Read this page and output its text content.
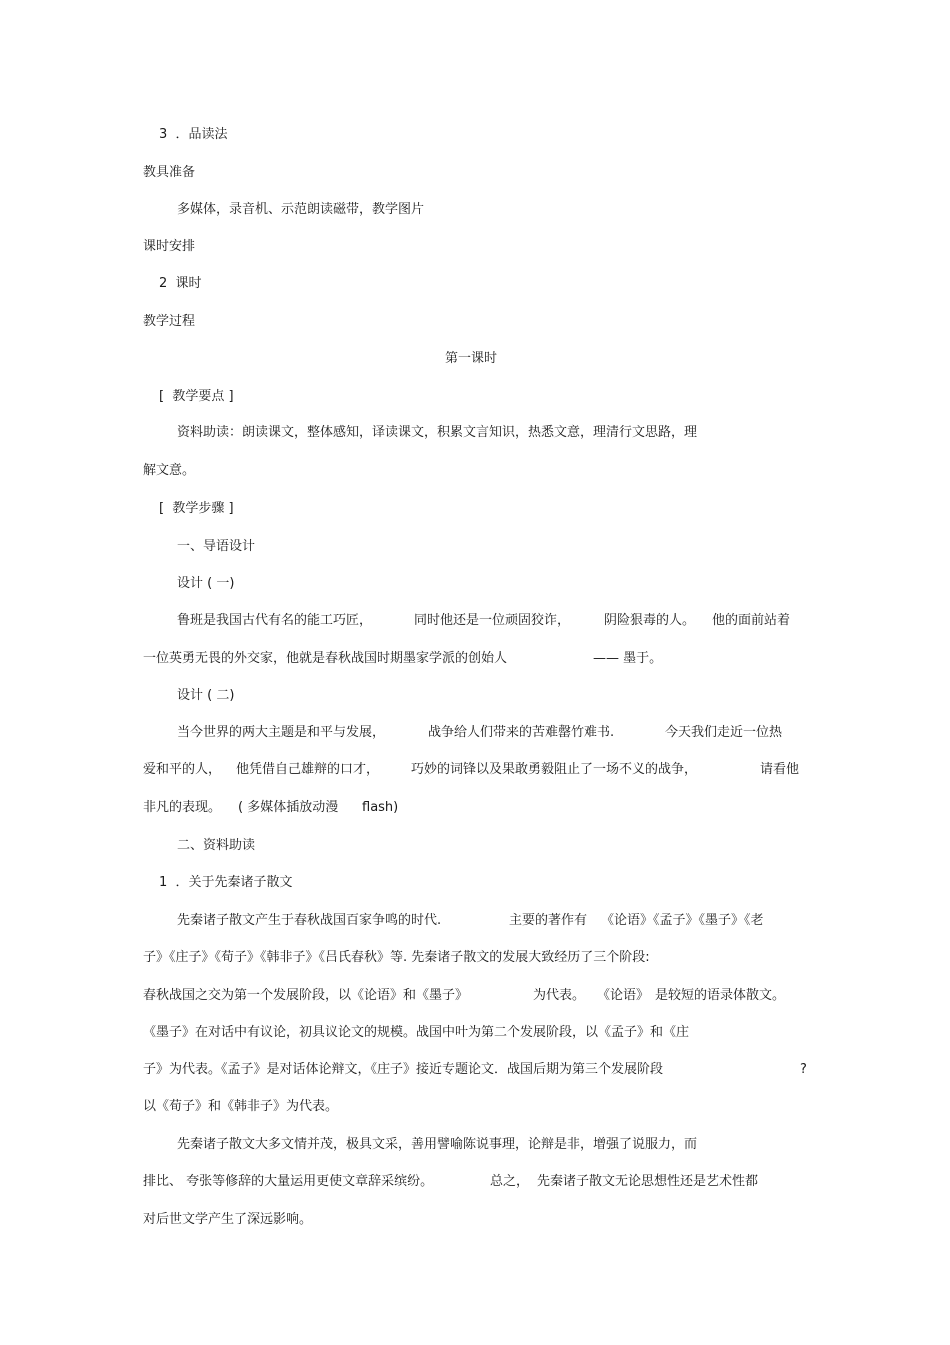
3  ．品读法
教具准备
多媒体，录音机、示范朗读磁带，教学图片
课时安排
2  课时
教学过程
第一课时
[  教学要点 ]
资料助读：朗读课文，整体感知，译读课文，积累文言知识，热悉文意，理清行文思路，理
解文意。
[  教学步骤 ]
一、导语设计
设计 ( 一)
鲁班是我国古代有名的能工巧匠，	同时他还是一位顽固狡诈，	阴险狠毒的人。 他的面前站着
一位英勇无畏的外交家，他就是春秋战国时期墨家学派的创始人	—— 墨于。
设计 ( 二)
当今世界的两大主题是和平与发展，	战争给人们带来的苦难罄竹难书.	今天我们走近一位热
爱和平的人， 他凭借自己雄辩的口才， 巧妙的词锋以及果敢勇毅阻止了一场不义的战争，	请看他
非凡的表现。 ( 多媒体插放动漫 flash)
二、资料助读
1  ．关于先秦诸子散文
先秦诸子散文产生于春秋战国百家争鸣的时代.	主要的著作有 《论语》《孟子》《墨子》《老
子》《庄子》《荀子》《韩非子》《吕氏春秋》等. 先秦诸子散文的发展大致经历了三个阶段:
春秋战国之交为第一个发展阶段，以《论语》和《墨子》	为代表。 《论语》 是较短的语录体散文。
《墨子》在对话中有议论，初具议论文的规模。战国中叶为第二个发展阶段，以《孟子》和《庄
子》为代表。《孟子》是对话体论辩文，《庄子》接近专题论文．战国后期为第三个发展阶段	?
以《荀子》和《韩非子》为代表。
先秦诸子散文大多文情并茂，极具文采，善用譬喻陈说事理，论辩是非，增强了说服力，而
排比、 夸张等修辞的大量运用更使文章辞采缤纷。	总之， 先秦诸子散文无论思想性还是艺术性都
对后世文学产生了深远影响。
